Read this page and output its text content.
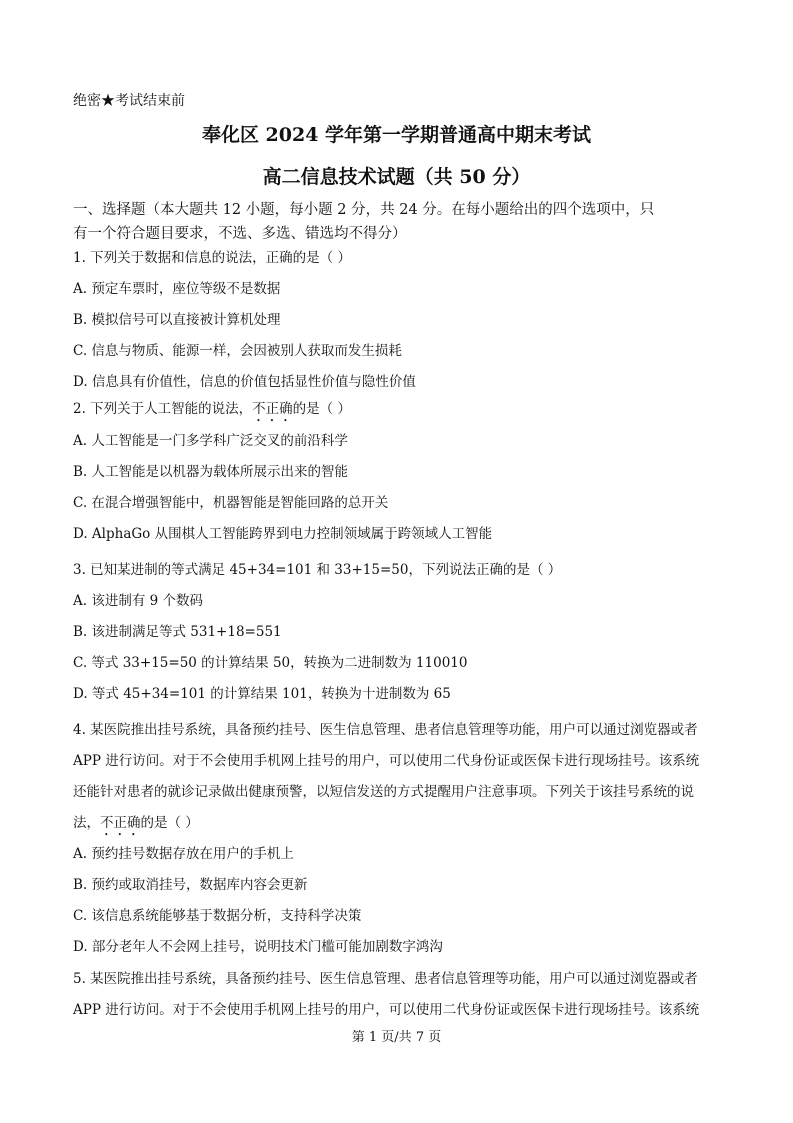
绝密★考试结束前
奉化区 2024 学年第一学期普通高中期末考试
高二信息技术试题（共 50 分）
一、选择题（本大题共 12 小题，每小题 2 分，共 24 分。在每小题给出的四个选项中，只
有一个符合题目要求，不选、多选、错选均不得分）
1. 下列关于数据和信息的说法，正确的是（ ）
A. 预定车票时，座位等级不是数据
B. 模拟信号可以直接被计算机处理
C. 信息与物质、能源一样，会因被别人获取而发生损耗
D. 信息具有价值性，信息的价值包括显性价值与隐性价值
2. 下列关于人工智能的说法，不正确的是（ ）
A. 人工智能是一门多学科广泛交叉的前沿科学
B. 人工智能是以机器为载体所展示出来的智能
C. 在混合增强智能中，机器智能是智能回路的总开关
D. AlphaGo 从围棋人工智能跨界到电力控制领域属于跨领域人工智能
3. 已知某进制的等式满足 45+34=101 和 33+15=50，下列说法正确的是（ ）
A. 该进制有 9 个数码
B. 该进制满足等式 531+18=551
C. 等式 33+15=50 的计算结果 50，转换为二进制数为 110010
D. 等式 45+34=101 的计算结果 101，转换为十进制数为 65
4. 某医院推出挂号系统，具备预约挂号、医生信息管理、患者信息管理等功能，用户可以通过浏览器或者
APP 进行访问。对于不会使用手机网上挂号的用户，可以使用二代身份证或医保卡进行现场挂号。该系统
还能针对患者的就诊记录做出健康预警，以短信发送的方式提醒用户注意事项。下列关于该挂号系统的说
法，不正确的是（ ）
A. 预约挂号数据存放在用户的手机上
B. 预约或取消挂号，数据库内容会更新
C. 该信息系统能够基于数据分析，支持科学决策
D. 部分老年人不会网上挂号，说明技术门槛可能加剧数字鸿沟
5. 某医院推出挂号系统，具备预约挂号、医生信息管理、患者信息管理等功能，用户可以通过浏览器或者
APP 进行访问。对于不会使用手机网上挂号的用户，可以使用二代身份证或医保卡进行现场挂号。该系统
第 1 页/共 7 页
